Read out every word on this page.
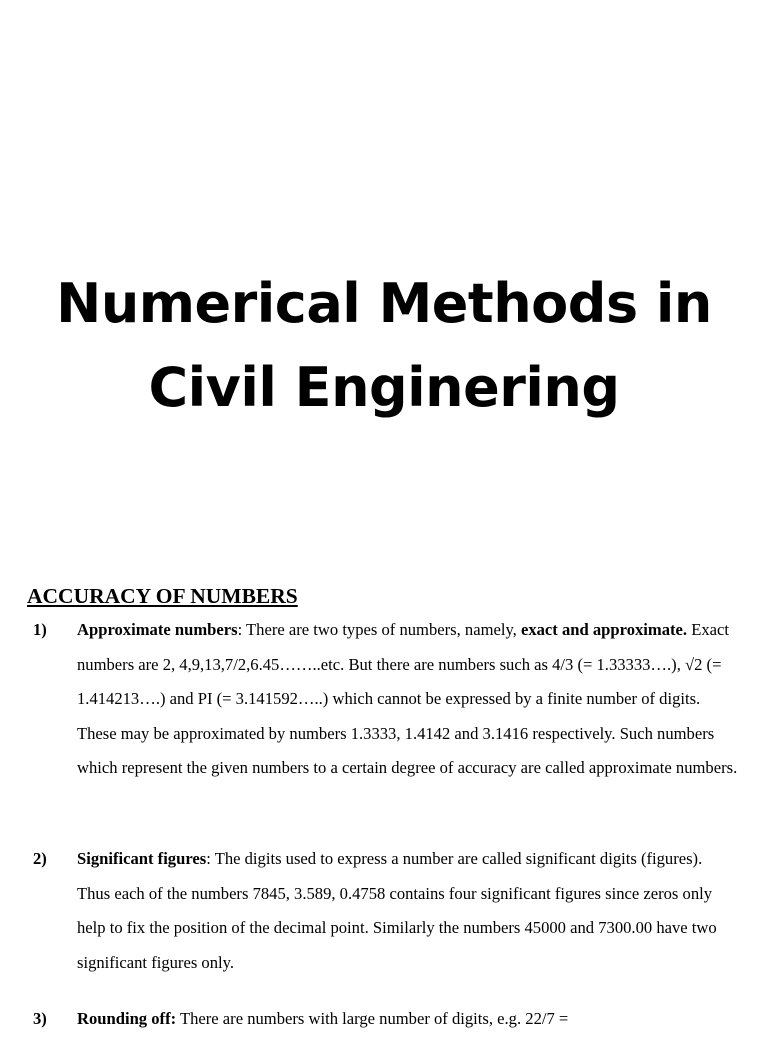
Numerical Methods in
Civil Enginering
ACCURACY OF NUMBERS
1) Approximate numbers: There are two types of numbers, namely, exact and approximate. Exact numbers are 2, 4,9,13,7/2,6.45……..etc. But there are numbers such as 4/3 (= 1.33333….), √2 (= 1.414213….) and PI (= 3.141592…..) which cannot be expressed by a finite number of digits. These may be approximated by numbers 1.3333, 1.4142 and 3.1416 respectively. Such numbers which represent the given numbers to a certain degree of accuracy are called approximate numbers.
2) Significant figures: The digits used to express a number are called significant digits (figures). Thus each of the numbers 7845, 3.589, 0.4758 contains four significant figures since zeros only help to fix the position of the decimal point. Similarly the numbers 45000 and 7300.00 have two significant figures only.
3) Rounding off: There are numbers with large number of digits, e.g. 22/7 =
